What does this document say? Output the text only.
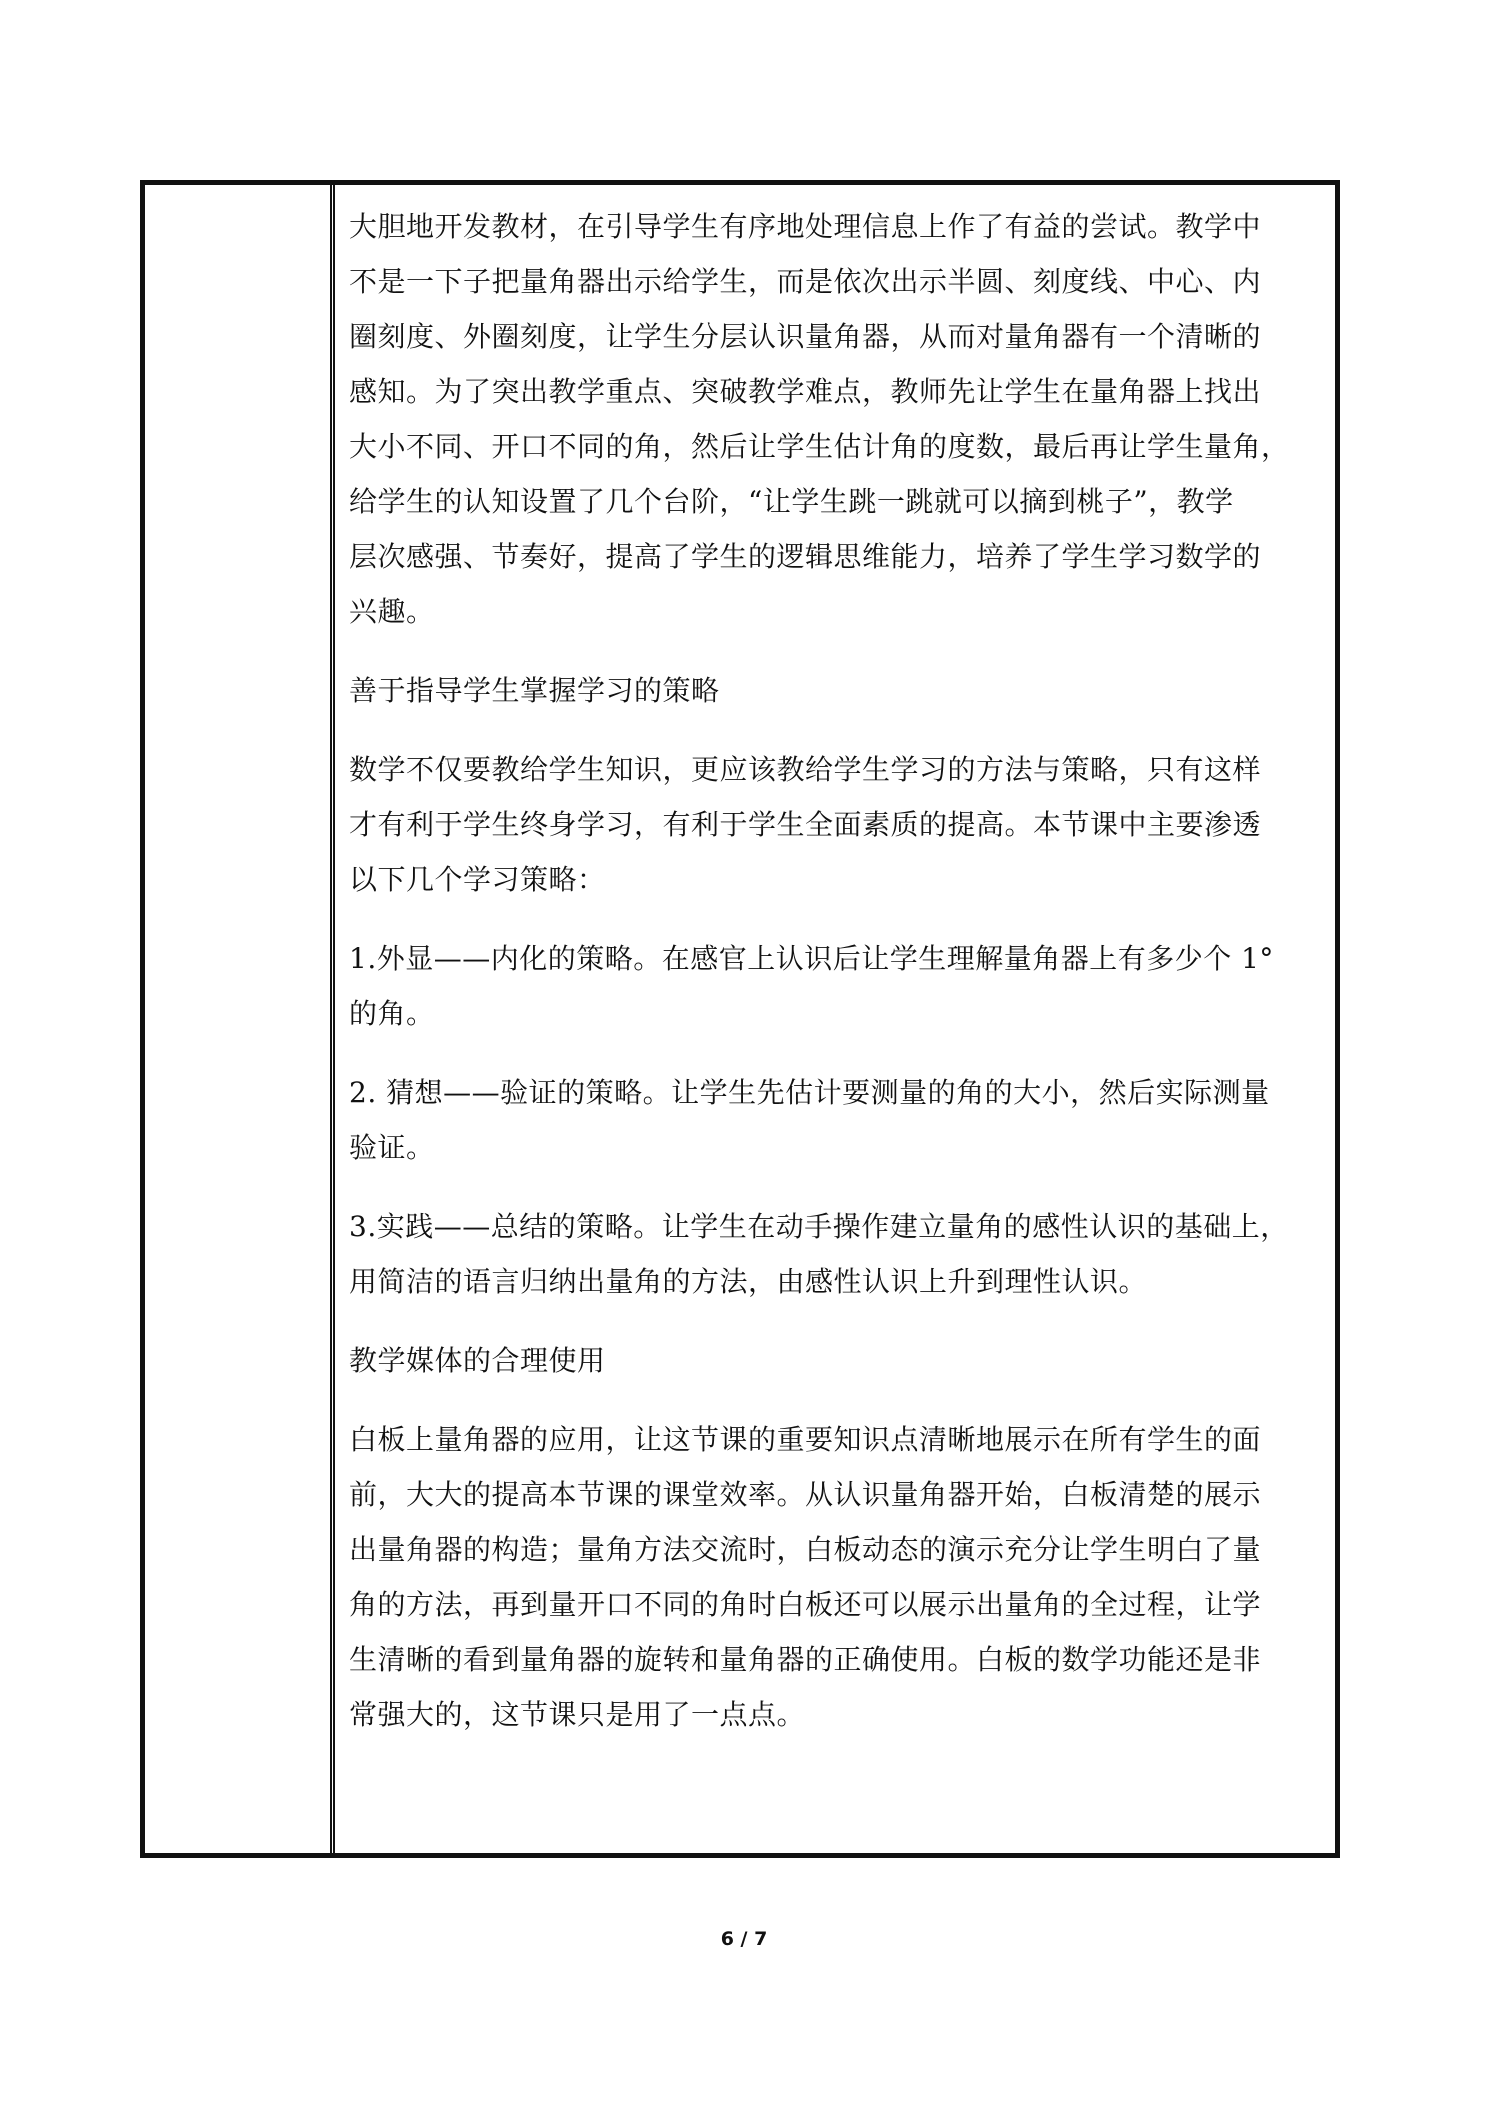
大胆地开发教材，在引导学生有序地处理信息上作了有益的尝试。教学中
不是一下子把量角器出示给学生，而是依次出示半圆、刻度线、中心、内
圈刻度、外圈刻度，让学生分层认识量角器，从而对量角器有一个清晰的
感知。为了突出教学重点、突破教学难点，教师先让学生在量角器上找出
大小不同、开口不同的角，然后让学生估计角的度数，最后再让学生量角，
给学生的认知设置了几个台阶，“让学生跳一跳就可以摘到桃子”，教学
层次感强、节奏好，提高了学生的逻辑思维能力，培养了学生学习数学的
兴趣。
善于指导学生掌握学习的策略
数学不仅要教给学生知识，更应该教给学生学习的方法与策略，只有这样
才有利于学生终身学习，有利于学生全面素质的提高。本节课中主要渗透
以下几个学习策略：
1.外显——内化的策略。在感官上认识后让学生理解量角器上有多少个 1°
的角。
2. 猜想——验证的策略。让学生先估计要测量的角的大小，然后实际测量
验证。
3.实践——总结的策略。让学生在动手操作建立量角的感性认识的基础上，
用简洁的语言归纳出量角的方法，由感性认识上升到理性认识。
教学媒体的合理使用
白板上量角器的应用，让这节课的重要知识点清晰地展示在所有学生的面
前，大大的提高本节课的课堂效率。从认识量角器开始，白板清楚的展示
出量角器的构造；量角方法交流时，白板动态的演示充分让学生明白了量
角的方法，再到量开口不同的角时白板还可以展示出量角的全过程，让学
生清晰的看到量角器的旋转和量角器的正确使用。白板的数学功能还是非
常强大的，这节课只是用了一点点。
6 / 7
